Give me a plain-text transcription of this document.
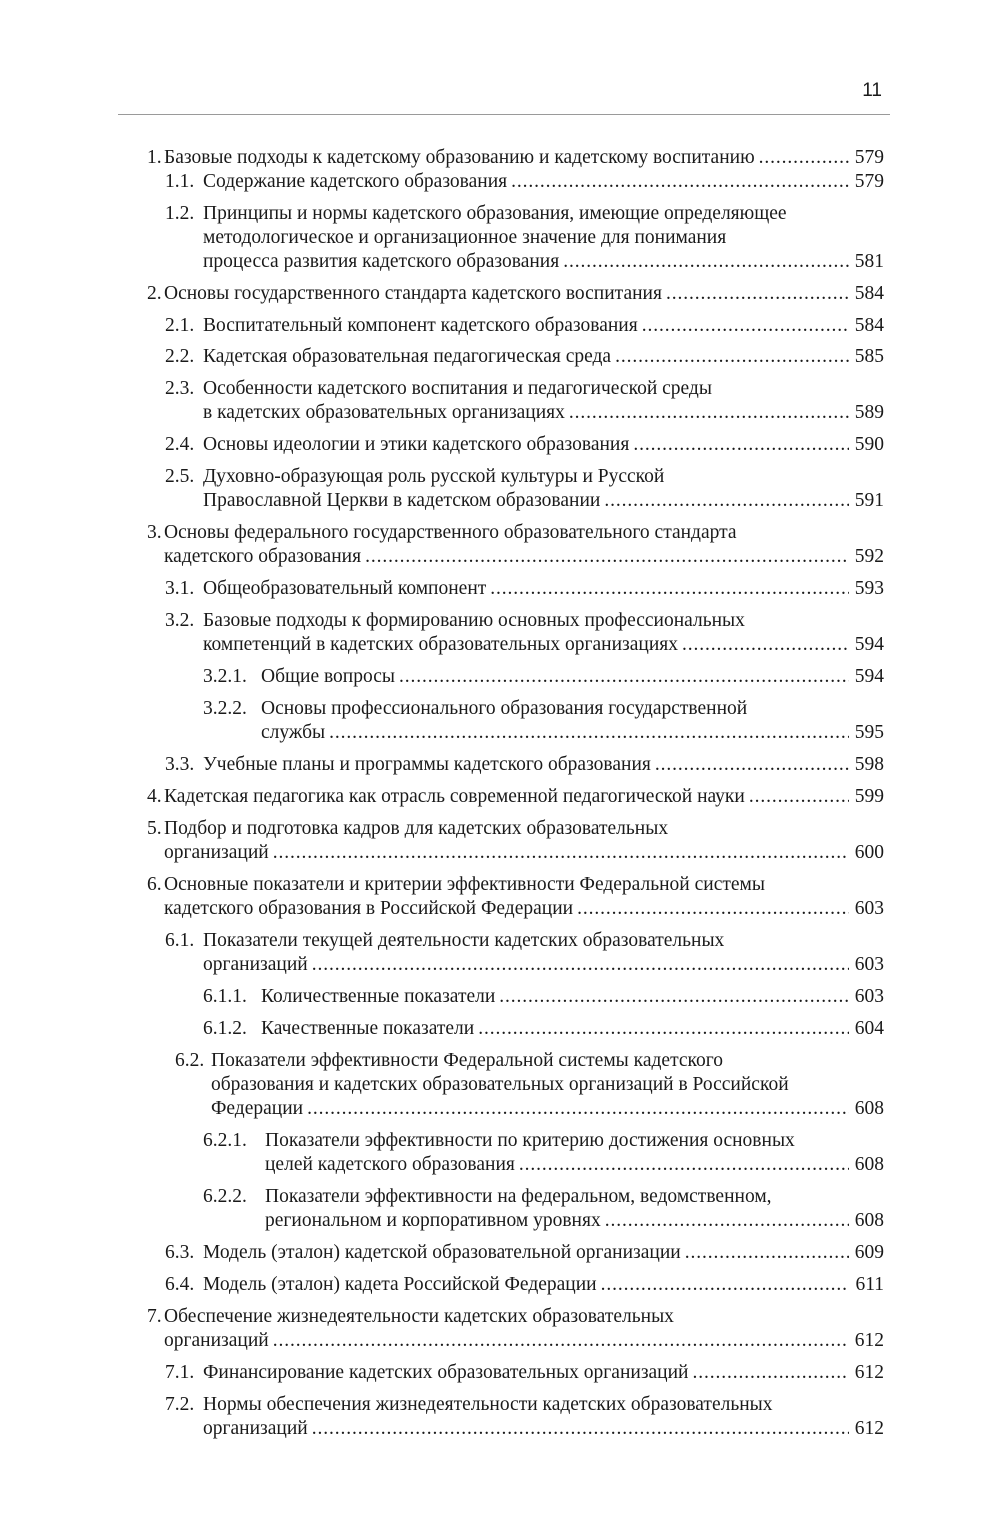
11
1. Базовые подходы к кадетскому образованию и кадетскому воспитанию . . .	579
1.1. Содержание кадетского образования . . .	579
1.2. Принципы и нормы кадетского образования, имеющие определяющее
методологическое и организационное значение для понимания
процесса развития кадетского образования . . .	581
2. Основы государственного стандарта кадетского воспитания . . .	584
2.1. Воспитательный компонент кадетского образования . . .	584
2.2. Кадетская образовательная педагогическая среда . . .	585
2.3. Особенности кадетского воспитания и педагогической среды
в кадетских образовательных организациях . . .	589
2.4. Основы идеологии и этики кадетского образования . . .	590
2.5. Духовно-образующая роль русской культуры и Русской
Православной Церкви в кадетском образовании . . .	591
3. Основы федерального государственного образовательного стандарта
кадетского образования . . .	592
3.1. Общеобразовательный компонент . . .	593
3.2. Базовые подходы к формированию основных профессиональных
компетенций в кадетских образовательных организациях . . .	594
3.2.1. Общие вопросы . . .	594
3.2.2. Основы профессионального образования государственной
службы . . .	595
3.3. Учебные планы и программы кадетского образования . . .	598
4. Кадетская педагогика как отрасль современной педагогической науки . . .	599
5. Подбор и подготовка кадров для кадетских образовательных
организаций . . .	600
6. Основные показатели и критерии эффективности Федеральной системы
кадетского образования в Российской Федерации . . .	603
6.1. Показатели текущей деятельности кадетских образовательных
организаций . . .	603
6.1.1. Количественные показатели . . .	603
6.1.2. Качественные показатели . . .	604
6.2. Показатели эффективности Федеральной системы кадетского
образования и кадетских образовательных организаций в Российской
Федерации . . .	608
6.2.1. Показатели эффективности по критерию достижения основных
целей кадетского образования . . .	608
6.2.2. Показатели эффективности на федеральном, ведомственном,
региональном и корпоративном уровнях . . .	608
6.3. Модель (эталон) кадетской образовательной организации . . .	609
6.4. Модель (эталон) кадета Российской Федерации . . .	611
7. Обеспечение жизнедеятельности кадетских образовательных
организаций . . .	612
7.1. Финансирование кадетских образовательных организаций . . .	612
7.2. Нормы обеспечения жизнедеятельности кадетских образовательных
организаций . . .	612
